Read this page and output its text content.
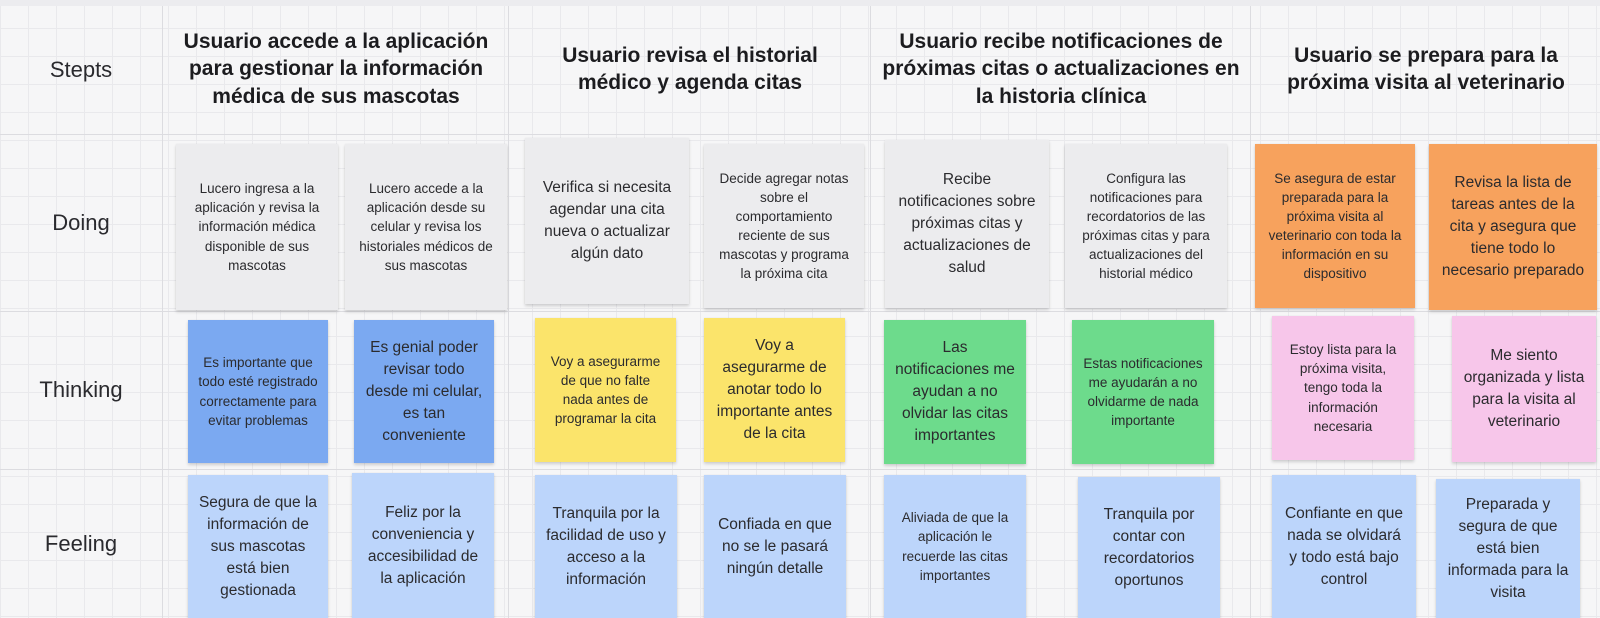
Stepts
Doing
Thinking
Feeling
Usuario accede a la aplicación para gestionar la información médica de sus mascotas
Usuario revisa el historial médico y agenda citas
Usuario recibe notificaciones de próximas citas o actualizaciones en la historia clínica
Usuario se prepara para la próxima visita al veterinario
Lucero ingresa a la aplicación y revisa la información médica disponible de sus mascotas
Lucero accede a la aplicación desde su celular y revisa los historiales médicos de sus mascotas
Verifica si necesita agendar una cita nueva o actualizar algún dato
Decide agregar notas sobre el comportamiento reciente de sus mascotas y programa la próxima cita
Recibe notificaciones sobre próximas citas y actualizaciones de salud
Configura las notificaciones para recordatorios de las próximas citas y para actualizaciones del historial médico
Se asegura de estar preparada para la próxima visita al veterinario con toda la información en su dispositivo
Revisa la lista de tareas antes de la cita y asegura que tiene todo lo necesario preparado
Es importante que todo esté registrado correctamente para evitar problemas
Es genial poder revisar todo desde mi celular, es tan conveniente
Voy a asegurarme de que no falte nada antes de programar la cita
Voy a asegurarme de anotar todo lo importante antes de la cita
Las notificaciones me ayudan a no olvidar las citas importantes
Estas notificaciones me ayudarán a no olvidarme de nada importante
Estoy lista para la próxima visita, tengo toda la información necesaria
Me siento organizada y lista para la visita al veterinario
Segura de que la información de sus mascotas está bien gestionada
Feliz por la conveniencia y accesibilidad de la aplicación
Tranquila por la facilidad de uso y acceso a la información
Confiada en que no se le pasará ningún detalle
Aliviada de que la aplicación le recuerde las citas importantes
Tranquila por contar con recordatorios oportunos
Confiante en que nada se olvidará y todo está bajo control
Preparada y segura de que está bien informada para la visita
